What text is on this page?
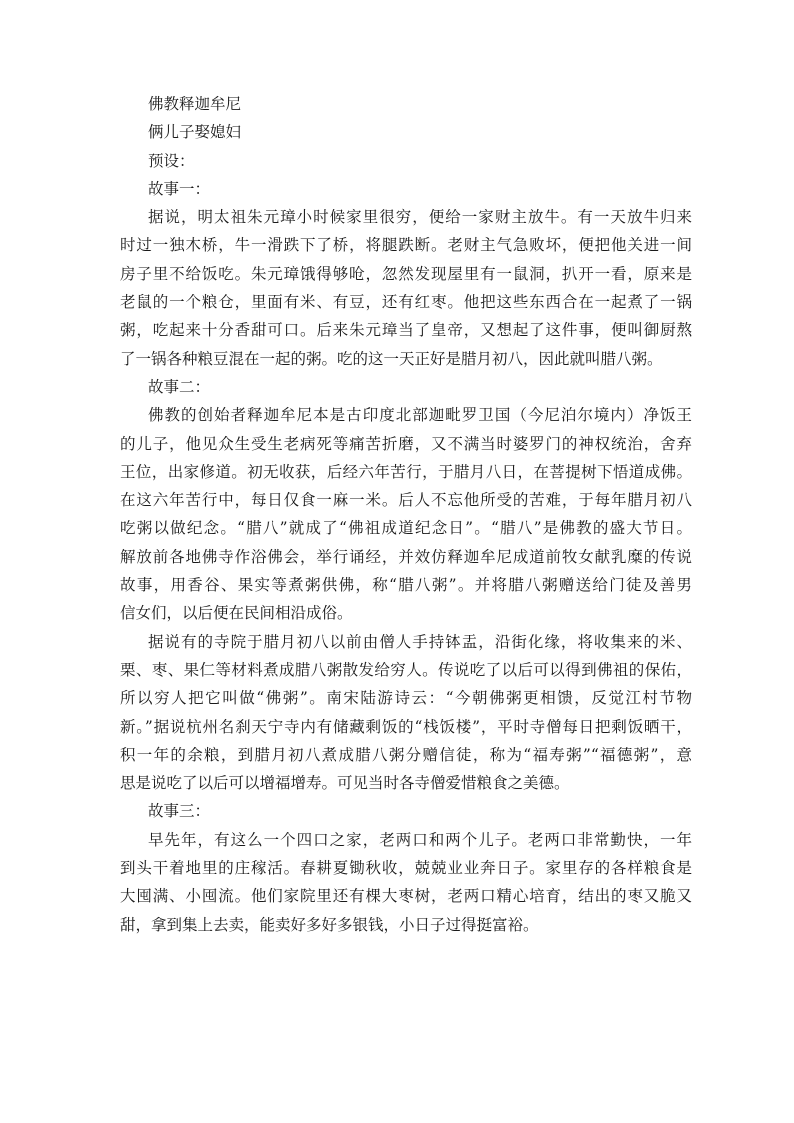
佛教释迦牟尼
俩儿子娶媳妇
预设：
故事一：
据说，明太祖朱元璋小时候家里很穷，便给一家财主放牛。有一天放牛归来
时过一独木桥，牛一滑跌下了桥，将腿跌断。老财主气急败坏，便把他关进一间
房子里不给饭吃。朱元璋饿得够呛，忽然发现屋里有一鼠洞，扒开一看，原来是
老鼠的一个粮仓，里面有米、有豆，还有红枣。他把这些东西合在一起煮了一锅
粥，吃起来十分香甜可口。后来朱元璋当了皇帝，又想起了这件事，便叫御厨熬
了一锅各种粮豆混在一起的粥。吃的这一天正好是腊月初八，因此就叫腊八粥。
故事二：
佛教的创始者释迦牟尼本是古印度北部迦毗罗卫国（今尼泊尔境内）净饭王
的儿子，他见众生受生老病死等痛苦折磨，又不满当时婆罗门的神权统治，舍弃
王位，出家修道。初无收获，后经六年苦行，于腊月八日，在菩提树下悟道成佛。
在这六年苦行中，每日仅食一麻一米。后人不忘他所受的苦难，于每年腊月初八
吃粥以做纪念。“腊八”就成了“佛祖成道纪念日”。“腊八”是佛教的盛大节日。
解放前各地佛寺作浴佛会，举行诵经，并效仿释迦牟尼成道前牧女献乳糜的传说
故事，用香谷、果实等煮粥供佛，称“腊八粥”。并将腊八粥赠送给门徒及善男
信女们，以后便在民间相沿成俗。
据说有的寺院于腊月初八以前由僧人手持钵盂，沿街化缘，将收集来的米、
栗、枣、果仁等材料煮成腊八粥散发给穷人。传说吃了以后可以得到佛祖的保佑，
所以穷人把它叫做“佛粥”。南宋陆游诗云：“今朝佛粥更相馈，反觉江村节物
新。”据说杭州名刹天宁寺内有储藏剩饭的“栈饭楼”，平时寺僧每日把剩饭晒干，
积一年的余粮，到腊月初八煮成腊八粥分赠信徒，称为“福寿粥”“福德粥”，意
思是说吃了以后可以增福增寿。可见当时各寺僧爱惜粮食之美德。
故事三：
早先年，有这么一个四口之家，老两口和两个儿子。老两口非常勤快，一年
到头干着地里的庄稼活。春耕夏锄秋收，兢兢业业奔日子。家里存的各样粮食是
大囤满、小囤流。他们家院里还有棵大枣树，老两口精心培育，结出的枣又脆又
甜，拿到集上去卖，能卖好多好多银钱，小日子过得挺富裕。
